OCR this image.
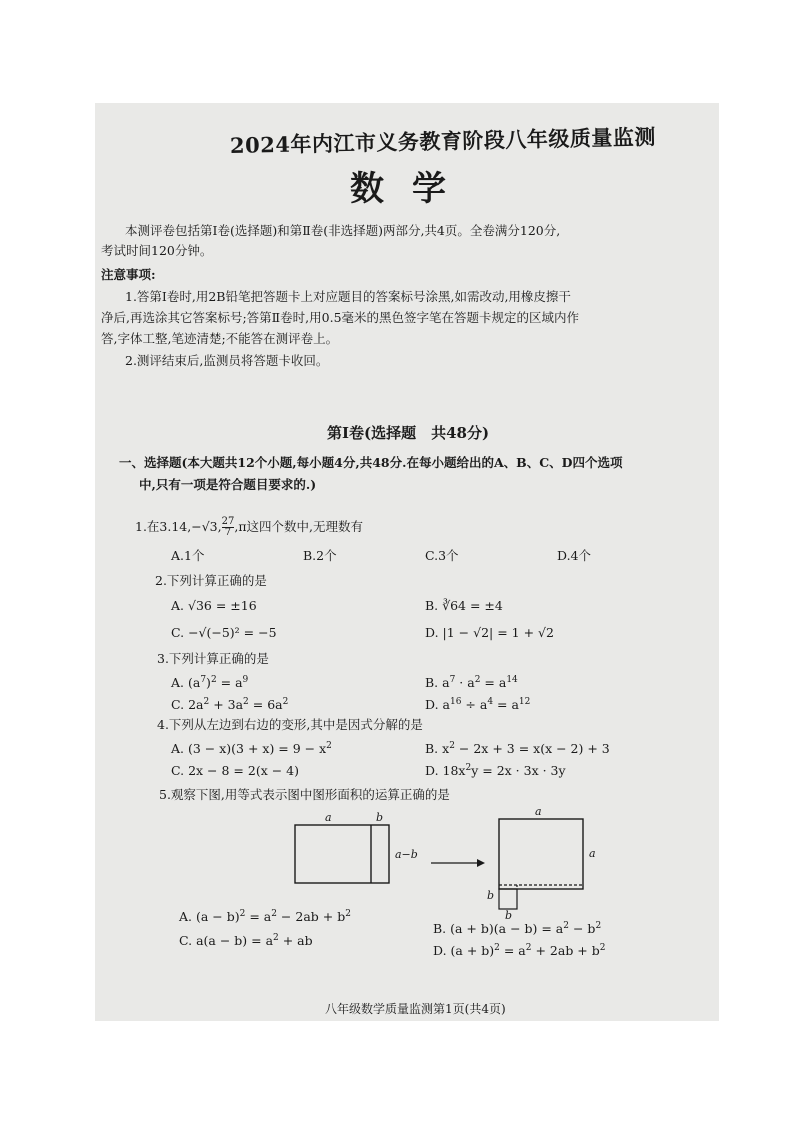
2024年内江市义务教育阶段八年级质量监测
数学
本测评卷包括第Ⅰ卷(选择题)和第Ⅱ卷(非选择题)两部分,共4页。全卷满分120分,
考试时间120分钟。
注意事项:
1.答第Ⅰ卷时,用2B铅笔把答题卡上对应题目的答案标号涂黑,如需改动,用橡皮擦干
净后,再选涂其它答案标号;答第Ⅱ卷时,用0.5毫米的黑色签字笔在答题卡规定的区域内作
答,字体工整,笔迹清楚;不能答在测评卷上。
2.测评结束后,监测员将答题卡收回。
第Ⅰ卷(选择题　共48分)
一、选择题(本大题共12个小题,每小题4分,共48分.在每小题给出的A、B、C、D四个选项
中,只有一项是符合题目要求的.)
1.在3.14,−√3, $\frac{27}{7} ,\pi$这四个数中,无理数有
A.1个	B.2个	C.3个	D.4个
2.下列计算正确的是
A. √36 = ±16	B. ∛64 = ±4
C. −√(−5)² = −5	D. |1 − √2| = 1 + √2
3.下列计算正确的是
A. $(a^7)^2 = a^9$	B. $a^7 \cdot a^2 = a^{14}$
C. $2a^2 + 3a^2 = 6a^2$	D. $a^{16} \div a^4 = a^{12}$
4.下列从左边到右边的变形,其中是因式分解的是
A. $(3 - x)(3 + x) = 9 - x^2$	B. $x^2 - 2x + 3 = x(x - 2) + 3$
C. 2x − 8 = 2(x − 4)	D. $18x^2y = 2x \cdot 3x \cdot 3y$
5.观察下图,用等式表示图中图形面积的运算正确的是
a	b
a−b
a
a
b
b
A. $(a - b)^2 = a^2 - 2ab + b^2$
B. $(a + b)(a - b) = a^2 - b^2$
C. $a(a - b) = a^2$ + ab
D. $(a + b)^2 = a^2 + 2ab + b^2$
八年级数学质量监测第1页(共4页)
